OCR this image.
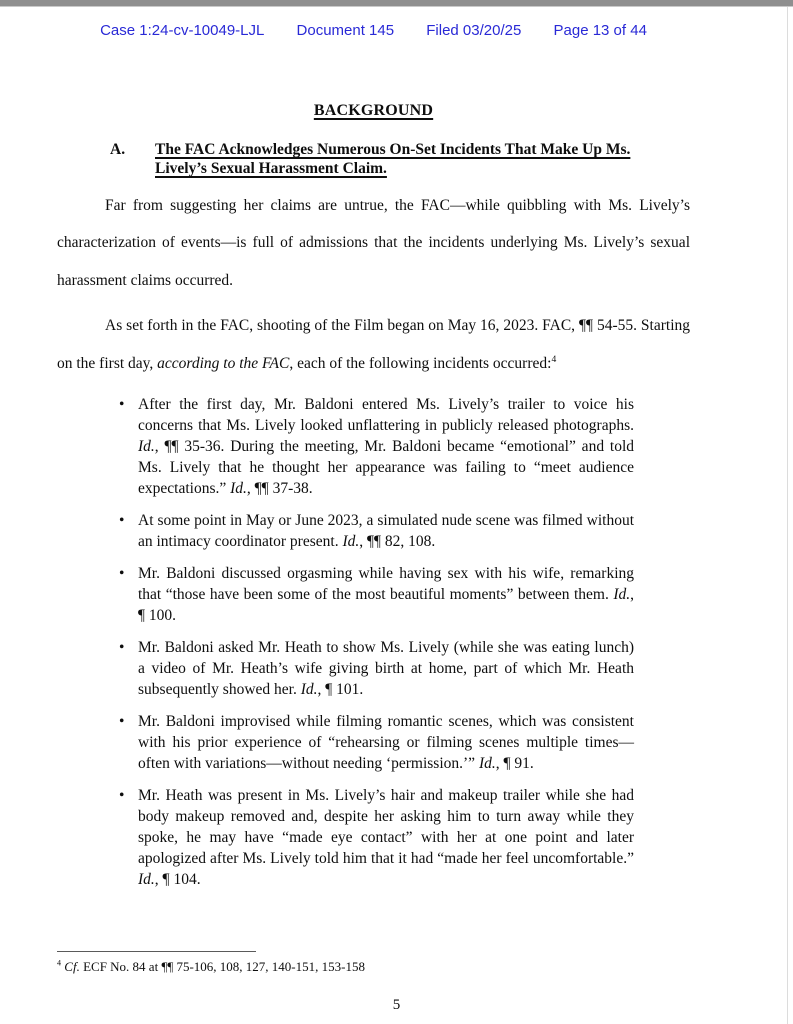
Case 1:24-cv-10049-LJL Document 145 Filed 03/20/25 Page 13 of 44
BACKGROUND
A.	The FAC Acknowledges Numerous On-Set Incidents That Make Up Ms. Lively’s Sexual Harassment Claim.

Far from suggesting her claims are untrue, the FAC—while quibbling with Ms. Lively’s characterization of events—is full of admissions that the incidents underlying Ms. Lively’s sexual harassment claims occurred.

As set forth in the FAC, shooting of the Film began on May 16, 2023. FAC, ¶¶ 54-55. Starting on the first day, according to the FAC, each of the following incidents occurred:$^4$

• After the first day, Mr. Baldoni entered Ms. Lively’s trailer to voice his concerns that Ms. Lively looked unflattering in publicly released photographs. Id., ¶¶ 35-36. During the meeting, Mr. Baldoni became “emotional” and told Ms. Lively that he thought her appearance was failing to “meet audience expectations.” Id., ¶¶ 37-38.
• At some point in May or June 2023, a simulated nude scene was filmed without an intimacy coordinator present. Id., ¶¶ 82, 108.
• Mr. Baldoni discussed orgasming while having sex with his wife, remarking that “those have been some of the most beautiful moments” between them. Id., ¶ 100.
• Mr. Baldoni asked Mr. Heath to show Ms. Lively (while she was eating lunch) a video of Mr. Heath’s wife giving birth at home, part of which Mr. Heath subsequently showed her. Id., ¶ 101.
• Mr. Baldoni improvised while filming romantic scenes, which was consistent with his prior experience of “rehearsing or filming scenes multiple times—often with variations—without needing ‘permission.’” Id., ¶ 91.
• Mr. Heath was present in Ms. Lively’s hair and makeup trailer while she had body makeup removed and, despite her asking him to turn away while they spoke, he may have “made eye contact” with her at one point and later apologized after Ms. Lively told him that it had “made her feel uncomfortable.” Id., ¶ 104.
$^4$ Cf. ECF No. 84 at ¶¶ 75-106, 108, 127, 140-151, 153-158
5
